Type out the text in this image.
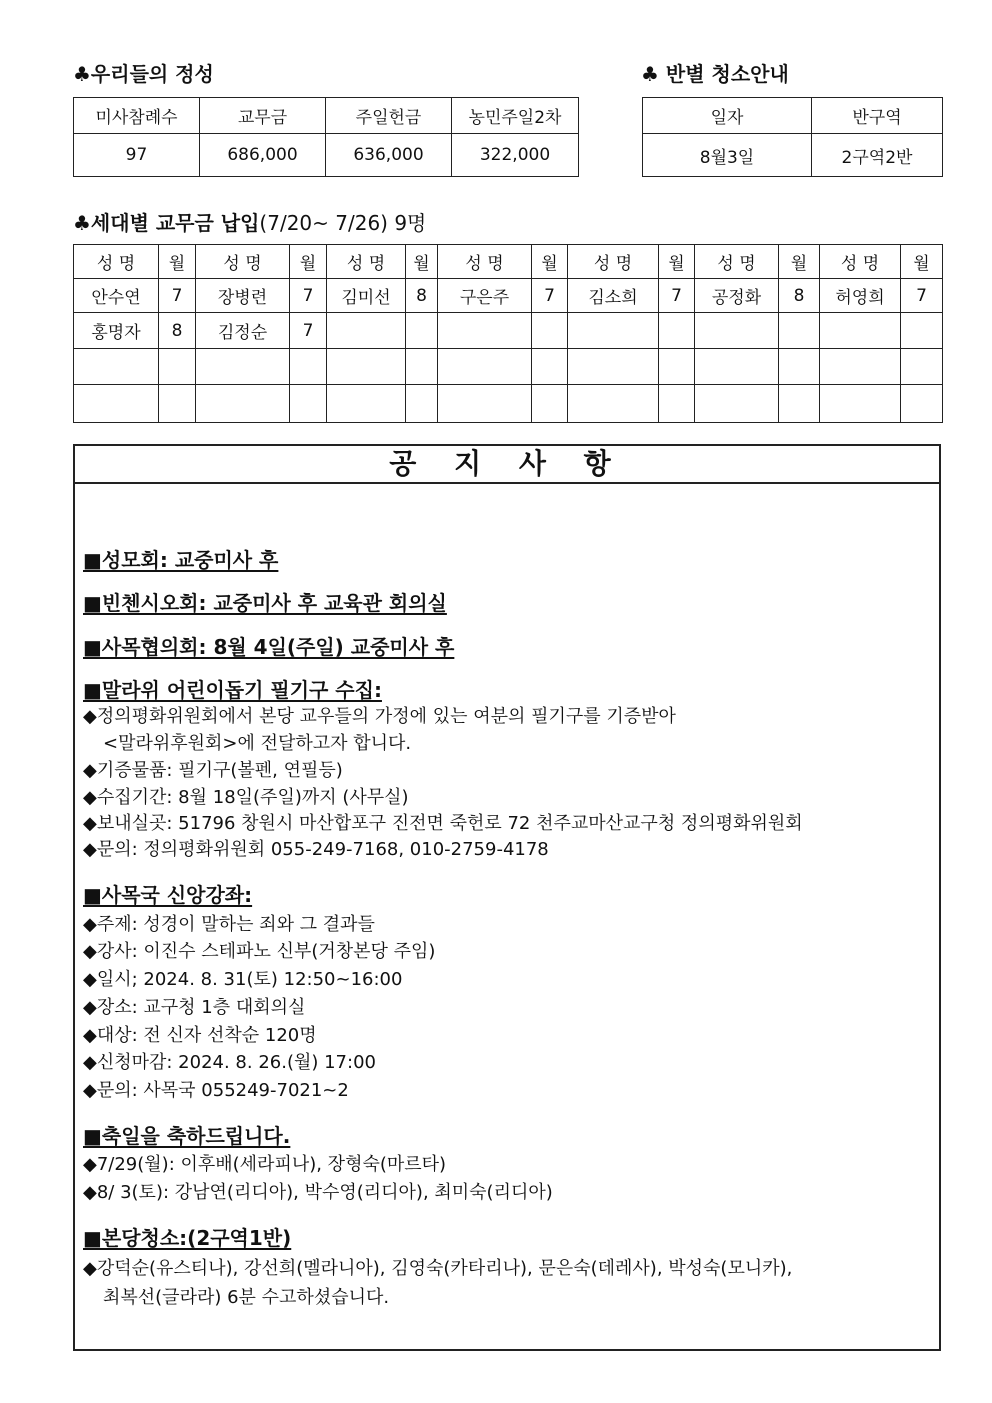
♣우리들의 정성
미사참례수	교무금	주일헌금	농민주일2차
97	686,000	636,000	322,000
♣ 반별 청소안내
일자	반구역
8월3일	2구역2반
♣세대별 교무금 납입(7/20~ 7/26) 9명
성 명	월	성 명	월	성 명	월	성 명	월	성 명	월	성 명	월	성 명	월
안수연	7	장병련	7	김미선	8	구은주	7	김소희	7	공정화	8	허영희	7
홍명자	8	김정순	7										

공 지 사 항
■성모회: 교중미사 후
■빈첸시오회: 교중미사 후 교육관 회의실
■사목협의회: 8월 4일(주일) 교중미사 후
■말라위 어린이돕기 필기구 수집:
◆정의평화위원회에서 본당 교우들의 가정에 있는 여분의 필기구를 기증받아
<말라위후원회>에 전달하고자 합니다.
◆기증물품: 필기구(볼펜, 연필등)
◆수집기간: 8월 18일(주일)까지 (사무실)
◆보내실곳: 51796 창원시 마산합포구 진전면 죽헌로 72 천주교마산교구청 정의평화위원회
◆문의: 정의평화위원회 055-249-7168, 010-2759-4178
■사목국 신앙강좌:
◆주제: 성경이 말하는 죄와 그 결과들
◆강사: 이진수 스테파노 신부(거창본당 주임)
◆일시; 2024. 8. 31(토) 12:50~16:00
◆장소: 교구청 1층 대회의실
◆대상: 전 신자 선착순 120명
◆신청마감: 2024. 8. 26.(월) 17:00
◆문의: 사목국 055249-7021~2
■축일을 축하드립니다.
◆7/29(월): 이후배(세라피나), 장형숙(마르타)
◆8/ 3(토): 강남연(리디아), 박수영(리디아), 최미숙(리디아)
■본당청소:(2구역1반)
◆강덕순(유스티나), 강선희(멜라니아), 김영숙(카타리나), 문은숙(데레사), 박성숙(모니카),
최복선(글라라) 6분 수고하셨습니다.
